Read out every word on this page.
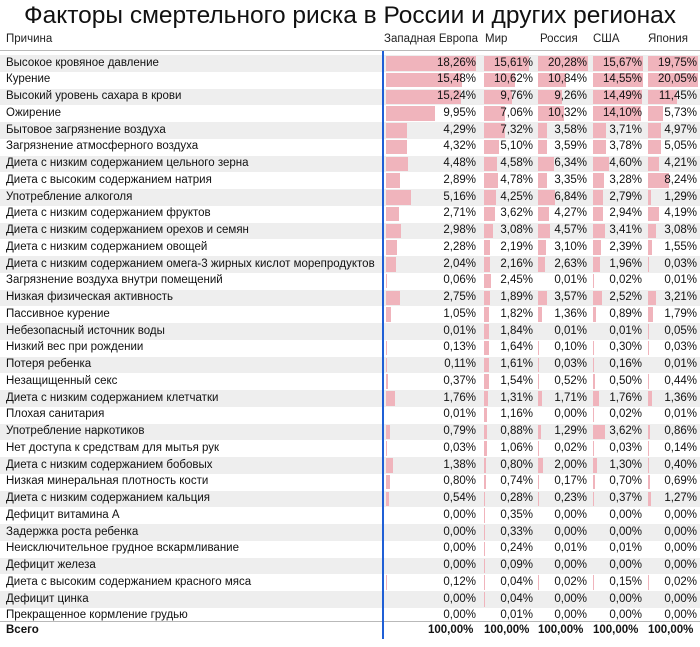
Факторы смертельного риска в России и других регионах
Причина	Западная Европа Мир	Россия США Япония
Высокое кровяное давление	18,26% 15,61% 20,28% 15,67% 19,75%
Курение	15,48% 10,62% 10,84% 14,55% 20,05%
Высокий уровень сахара в крови	15,24% 9,76% 9,26% 14,49% 11,45%
Ожирение	9,95% 7,06% 10,32% 14,10% 5,73%
Бытовое загрязнение воздуха	4,29% 7,32% 3,58% 3,71% 4,97%
Загрязнение атмосферного воздуха	4,32% 5,10% 3,59% 3,78% 5,05%
Диета с низким содержанием цельного зерна	4,48% 4,58% 6,34% 4,60% 4,21%
Диета с высоким содержанием натрия	2,89% 4,78% 3,35% 3,28% 8,24%
Употребление алкоголя	5,16% 4,25% 6,84% 2,79% 1,29%
Диета с низким содержанием фруктов	2,71% 3,62% 4,27% 2,94% 4,19%
Диета с низким содержанием орехов и семян	2,98% 3,08% 4,57% 3,41% 3,08%
Диета с низким содержанием овощей	2,28% 2,19% 3,10% 2,39% 1,55%
Диета с низким содержанием омега-3 жирных кислот морепродуктов	2,04% 2,16% 2,63% 1,96% 0,03%
Загрязнение воздуха внутри помещений	0,06% 2,45% 0,01% 0,02% 0,01%
Низкая физическая активность	2,75% 1,89% 3,57% 2,52% 3,21%
Пассивное курение	1,05% 1,82% 1,36% 0,89% 1,79%
Небезопасный источник воды	0,01% 1,84% 0,01% 0,01% 0,05%
Низкий вес при рождении	0,13% 1,64% 0,10% 0,30% 0,03%
Потеря ребенка	0,11% 1,61% 0,03% 0,16% 0,01%
Незащищенный секс	0,37% 1,54% 0,52% 0,50% 0,44%
Диета с низким содержанием клетчатки	1,76% 1,31% 1,71% 1,76% 1,36%
Плохая санитария	0,01% 1,16% 0,00% 0,02% 0,01%
Употребление наркотиков	0,79% 0,88% 1,29% 3,62% 0,86%
Нет доступа к средствам для мытья рук	0,03% 1,06% 0,02% 0,03% 0,14%
Диета с низким содержанием бобовых	1,38% 0,80% 2,00% 1,30% 0,40%
Низкая минеральная плотность кости	0,80% 0,74% 0,17% 0,70% 0,69%
Диета с низким содержанием кальция	0,54% 0,28% 0,23% 0,37% 1,27%
Дефицит витамина А	0,00% 0,35% 0,00% 0,00% 0,00%
Задержка роста ребенка	0,00% 0,33% 0,00% 0,00% 0,00%
Неисключительное грудное вскармливание	0,00% 0,24% 0,01% 0,01% 0,00%
Дефицит железа	0,00% 0,09% 0,00% 0,00% 0,00%
Диета с высоким содержанием красного мяса	0,12% 0,04% 0,02% 0,15% 0,02%
Дефицит цинка	0,00% 0,04% 0,00% 0,00% 0,00%
Прекращенное кормление грудью	0,00% 0,01% 0,00% 0,00% 0,00%
Всего	100,00% 100,00% 100,00% 100,00% 100,00%
